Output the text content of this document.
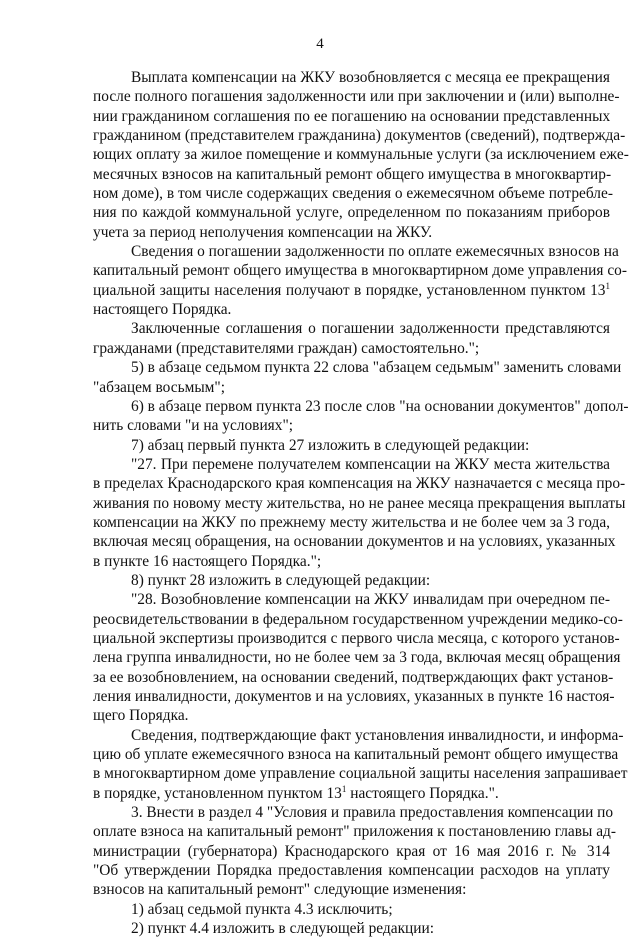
4
Выплата компенсации на ЖКУ возобновляется с месяца ее прекращения
после полного погашения задолженности или при заключении и (или) выполне-
нии гражданином соглашения по ее погашению на основании представленных
гражданином (представителем гражданина) документов (сведений), подтвержда-
ющих оплату за жилое помещение и коммунальные услуги (за исключением ежe-
месячных взносов на капитальный ремонт общего имущества в многоквартир-
ном доме), в том числе содержащих сведения о ежемесячном объеме потребле-
ния по каждой коммунальной услуге, определенном по показаниям приборов
учета за период неполучения компенсации на ЖКУ.
Сведения о погашении задолженности по оплате ежемесячных взносов на
капитальный ремонт общего имущества в многоквартирном доме управления со-
циальной защиты населения получают в порядке, установленном пунктом $13^1$
настоящего Порядка.
Заключенные соглашения о погашении задолженности представляются
гражданами (представителями граждан) самостоятельно.";
5) в абзаце седьмом пункта 22 слова "абзацем седьмым" заменить словами
"абзацем восьмым";
6) в абзаце первом пункта 23 после слов "на основании документов" допол-
нить словами "и на условиях";
7) абзац первый пункта 27 изложить в следующей редакции:
"27. При перемене получателем компенсации на ЖКУ места жительства
в пределах Краснодарского края компенсация на ЖКУ назначается с месяца про-
живания по новому месту жительства, но не ранее месяца прекращения выплаты
компенсации на ЖКУ по прежнему месту жительства и не более чем за 3 года,
включая месяц обращения, на основании документов и на условиях, указанных
в пункте 16 настоящего Порядка.";
8) пункт 28 изложить в следующей редакции:
"28. Возобновление компенсации на ЖКУ инвалидам при очередном пе-
реосвидетельствовании в федеральном государственном учреждении медико-со-
циальной экспертизы производится с первого числа месяца, с которого установ-
лена группа инвалидности, но не более чем за 3 года, включая месяц обращения
за ее возобновлением, на основании сведений, подтверждающих факт установ-
ления инвалидности, документов и на условиях, указанных в пункте 16 настоя-
щего Порядка.
Сведения, подтверждающие факт установления инвалидности, и информа-
цию об уплате ежемесячного взноса на капитальный ремонт общего имущества
в многоквартирном доме управление социальной защиты населения запрашивает
в порядке, установленном пунктом $13^1$ настоящего Порядка.".
3. Внести в раздел 4 "Условия и правила предоставления компенсации по
оплате взноса на капитальный ремонт" приложения к постановлению главы ад-
министрации (губернатора) Краснодарского края от 16 мая 2016 г. № 314
"Об утверждении Порядка предоставления компенсации расходов на уплату
взносов на капитальный ремонт" следующие изменения:
1) абзац седьмой пункта 4.3 исключить;
2) пункт 4.4 изложить в следующей редакции:
